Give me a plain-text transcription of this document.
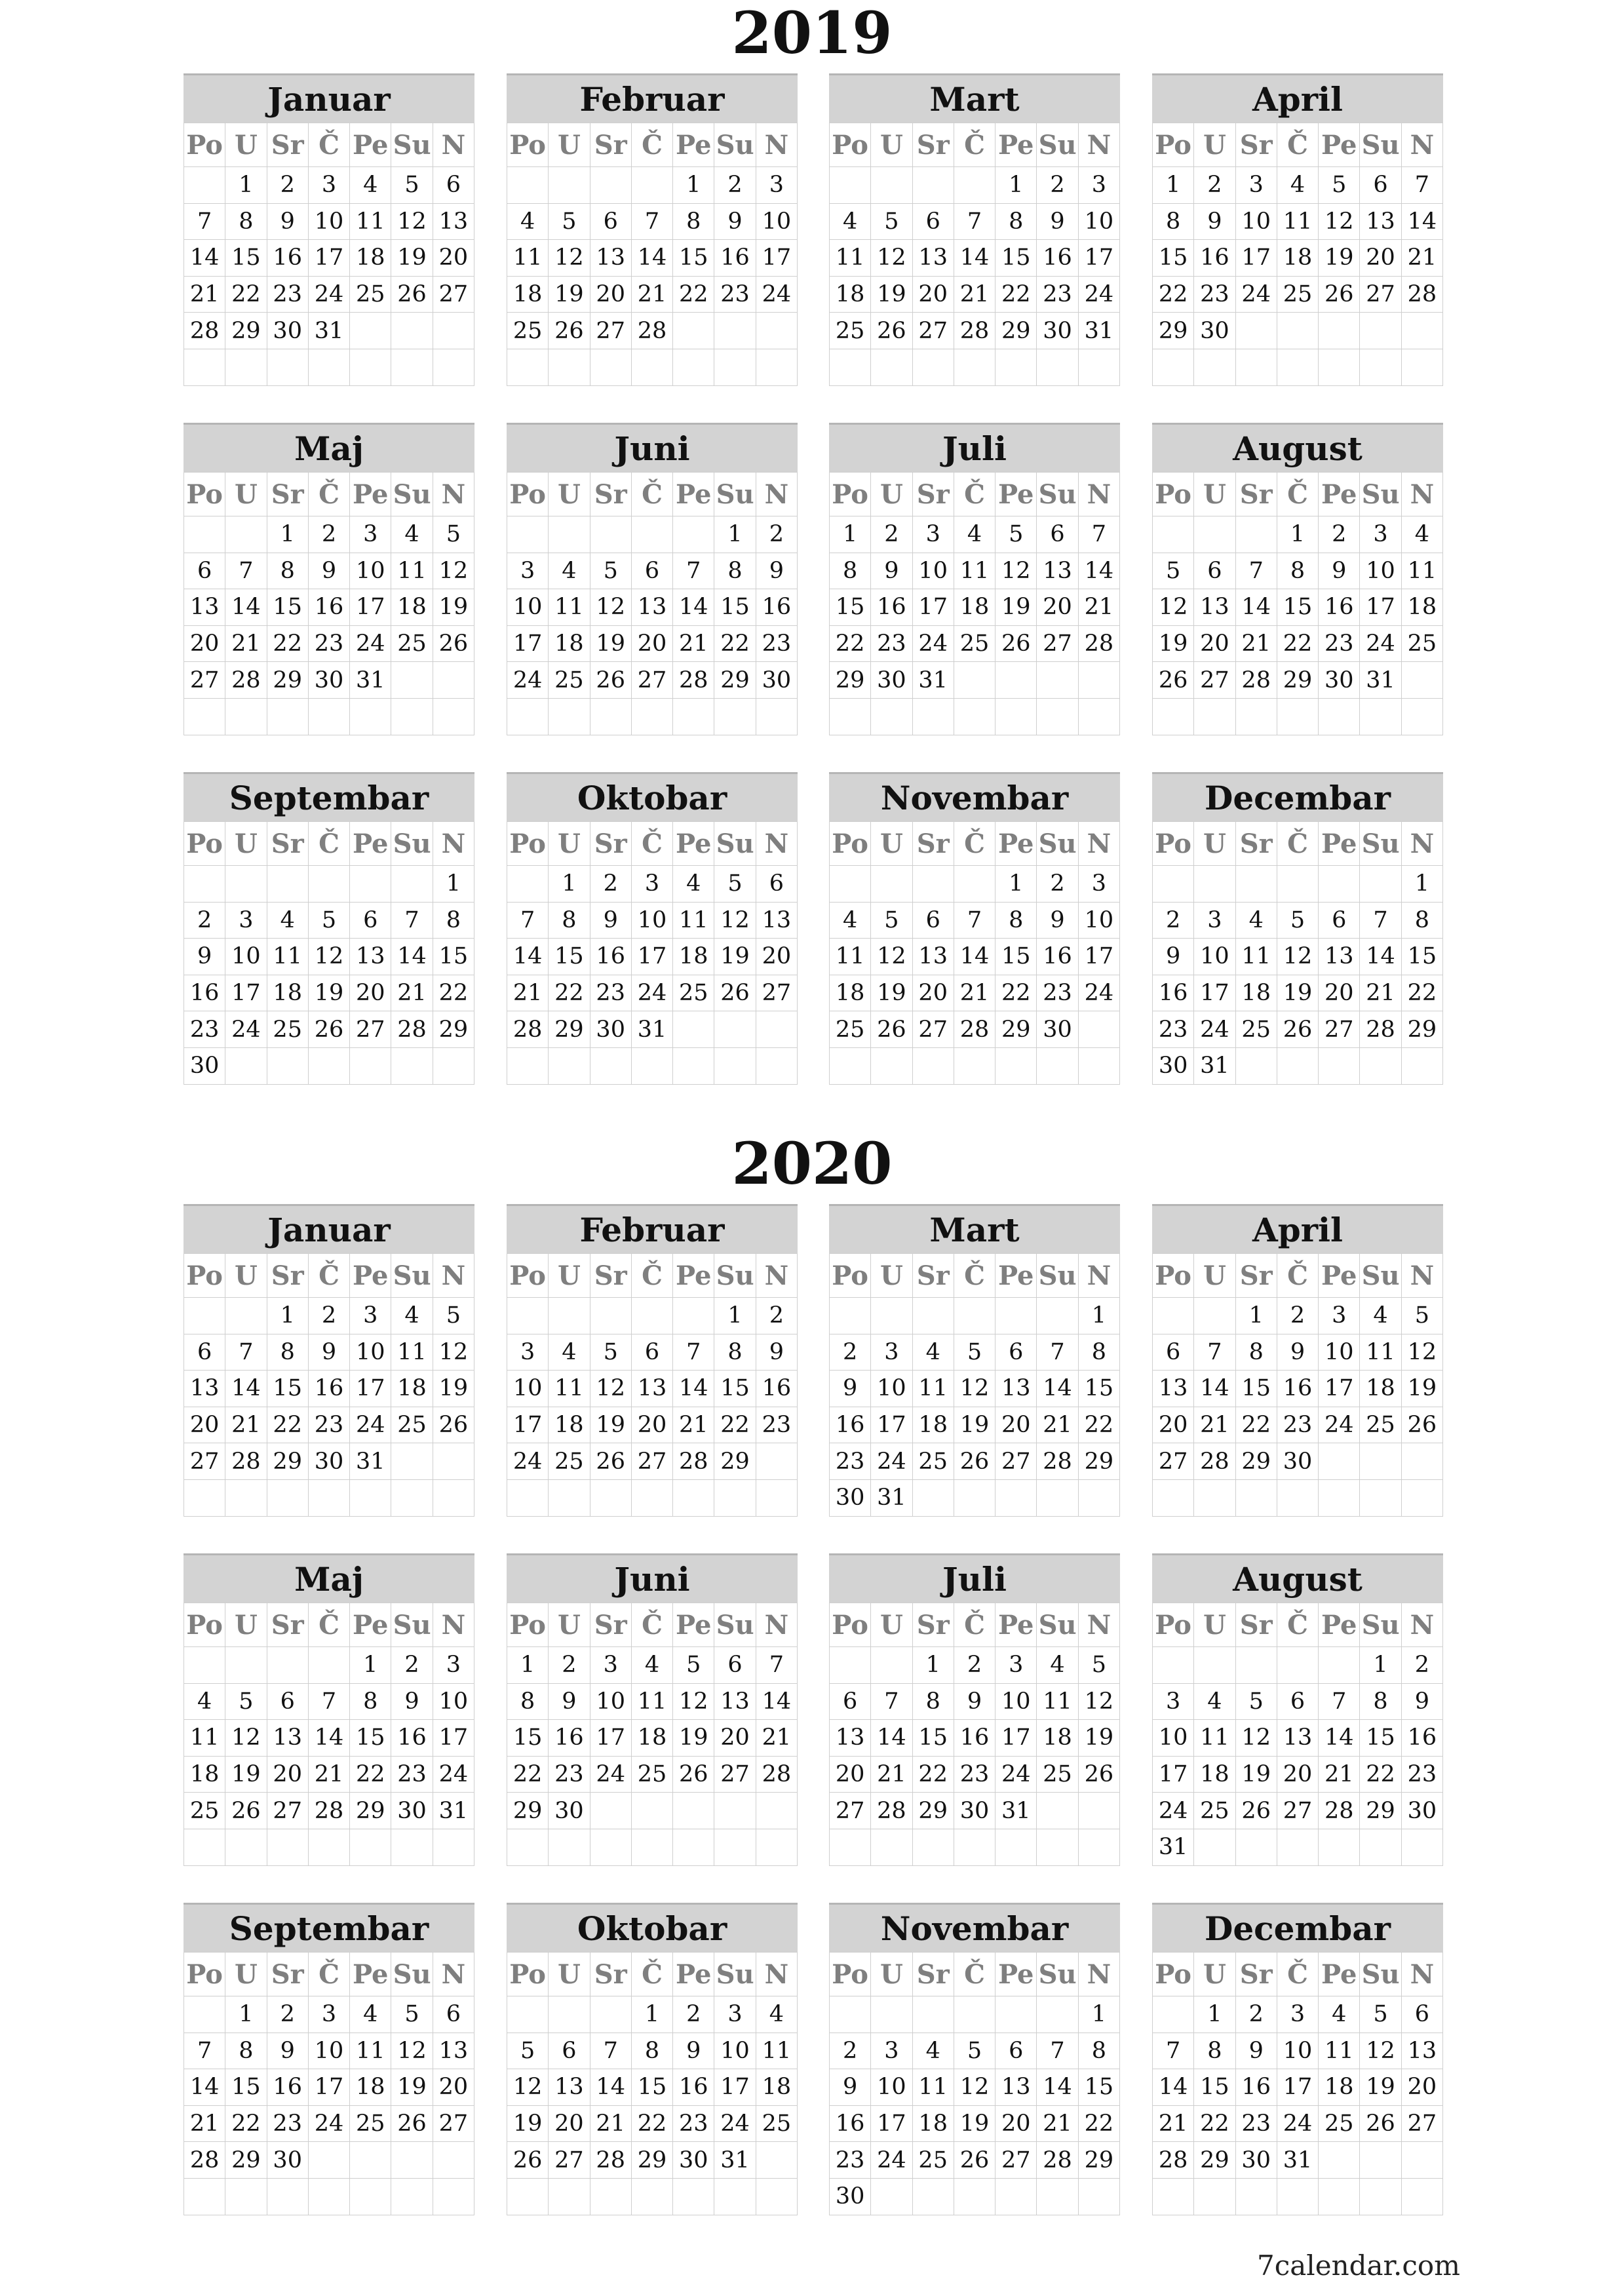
2019
Januar
Po	U	Sr	Č	Pe	Su	N
	1	2	3	4	5	6
7	8	9	10	11	12	13
14	15	16	17	18	19	20
21	22	23	24	25	26	27
28	29	30	31			

Februar
Po	U	Sr	Č	Pe	Su	N
				1	2	3
4	5	6	7	8	9	10
11	12	13	14	15	16	17
18	19	20	21	22	23	24
25	26	27	28			

Mart
Po	U	Sr	Č	Pe	Su	N
				1	2	3
4	5	6	7	8	9	10
11	12	13	14	15	16	17
18	19	20	21	22	23	24
25	26	27	28	29	30	31

April
Po	U	Sr	Č	Pe	Su	N
1	2	3	4	5	6	7
8	9	10	11	12	13	14
15	16	17	18	19	20	21
22	23	24	25	26	27	28
29	30					

Maj
Po	U	Sr	Č	Pe	Su	N
		1	2	3	4	5
6	7	8	9	10	11	12
13	14	15	16	17	18	19
20	21	22	23	24	25	26
27	28	29	30	31		

Juni
Po	U	Sr	Č	Pe	Su	N
					1	2
3	4	5	6	7	8	9
10	11	12	13	14	15	16
17	18	19	20	21	22	23
24	25	26	27	28	29	30

Juli
Po	U	Sr	Č	Pe	Su	N
1	2	3	4	5	6	7
8	9	10	11	12	13	14
15	16	17	18	19	20	21
22	23	24	25	26	27	28
29	30	31				

August
Po	U	Sr	Č	Pe	Su	N
			1	2	3	4
5	6	7	8	9	10	11
12	13	14	15	16	17	18
19	20	21	22	23	24	25
26	27	28	29	30	31	

Septembar
Po	U	Sr	Č	Pe	Su	N
						1
2	3	4	5	6	7	8
9	10	11	12	13	14	15
16	17	18	19	20	21	22
23	24	25	26	27	28	29
30						
Oktobar
Po	U	Sr	Č	Pe	Su	N
	1	2	3	4	5	6
7	8	9	10	11	12	13
14	15	16	17	18	19	20
21	22	23	24	25	26	27
28	29	30	31			

Novembar
Po	U	Sr	Č	Pe	Su	N
				1	2	3
4	5	6	7	8	9	10
11	12	13	14	15	16	17
18	19	20	21	22	23	24
25	26	27	28	29	30	

Decembar
Po	U	Sr	Č	Pe	Su	N
						1
2	3	4	5	6	7	8
9	10	11	12	13	14	15
16	17	18	19	20	21	22
23	24	25	26	27	28	29
30	31					
2020
Januar
Po	U	Sr	Č	Pe	Su	N
		1	2	3	4	5
6	7	8	9	10	11	12
13	14	15	16	17	18	19
20	21	22	23	24	25	26
27	28	29	30	31		

Februar
Po	U	Sr	Č	Pe	Su	N
					1	2
3	4	5	6	7	8	9
10	11	12	13	14	15	16
17	18	19	20	21	22	23
24	25	26	27	28	29	

Mart
Po	U	Sr	Č	Pe	Su	N
						1
2	3	4	5	6	7	8
9	10	11	12	13	14	15
16	17	18	19	20	21	22
23	24	25	26	27	28	29
30	31					
April
Po	U	Sr	Č	Pe	Su	N
		1	2	3	4	5
6	7	8	9	10	11	12
13	14	15	16	17	18	19
20	21	22	23	24	25	26
27	28	29	30			

Maj
Po	U	Sr	Č	Pe	Su	N
				1	2	3
4	5	6	7	8	9	10
11	12	13	14	15	16	17
18	19	20	21	22	23	24
25	26	27	28	29	30	31

Juni
Po	U	Sr	Č	Pe	Su	N
1	2	3	4	5	6	7
8	9	10	11	12	13	14
15	16	17	18	19	20	21
22	23	24	25	26	27	28
29	30					

Juli
Po	U	Sr	Č	Pe	Su	N
		1	2	3	4	5
6	7	8	9	10	11	12
13	14	15	16	17	18	19
20	21	22	23	24	25	26
27	28	29	30	31		

August
Po	U	Sr	Č	Pe	Su	N
					1	2
3	4	5	6	7	8	9
10	11	12	13	14	15	16
17	18	19	20	21	22	23
24	25	26	27	28	29	30
31						
Septembar
Po	U	Sr	Č	Pe	Su	N
	1	2	3	4	5	6
7	8	9	10	11	12	13
14	15	16	17	18	19	20
21	22	23	24	25	26	27
28	29	30				

Oktobar
Po	U	Sr	Č	Pe	Su	N
			1	2	3	4
5	6	7	8	9	10	11
12	13	14	15	16	17	18
19	20	21	22	23	24	25
26	27	28	29	30	31	

Novembar
Po	U	Sr	Č	Pe	Su	N
						1
2	3	4	5	6	7	8
9	10	11	12	13	14	15
16	17	18	19	20	21	22
23	24	25	26	27	28	29
30						
Decembar
Po	U	Sr	Č	Pe	Su	N
	1	2	3	4	5	6
7	8	9	10	11	12	13
14	15	16	17	18	19	20
21	22	23	24	25	26	27
28	29	30	31			

7calendar.com
